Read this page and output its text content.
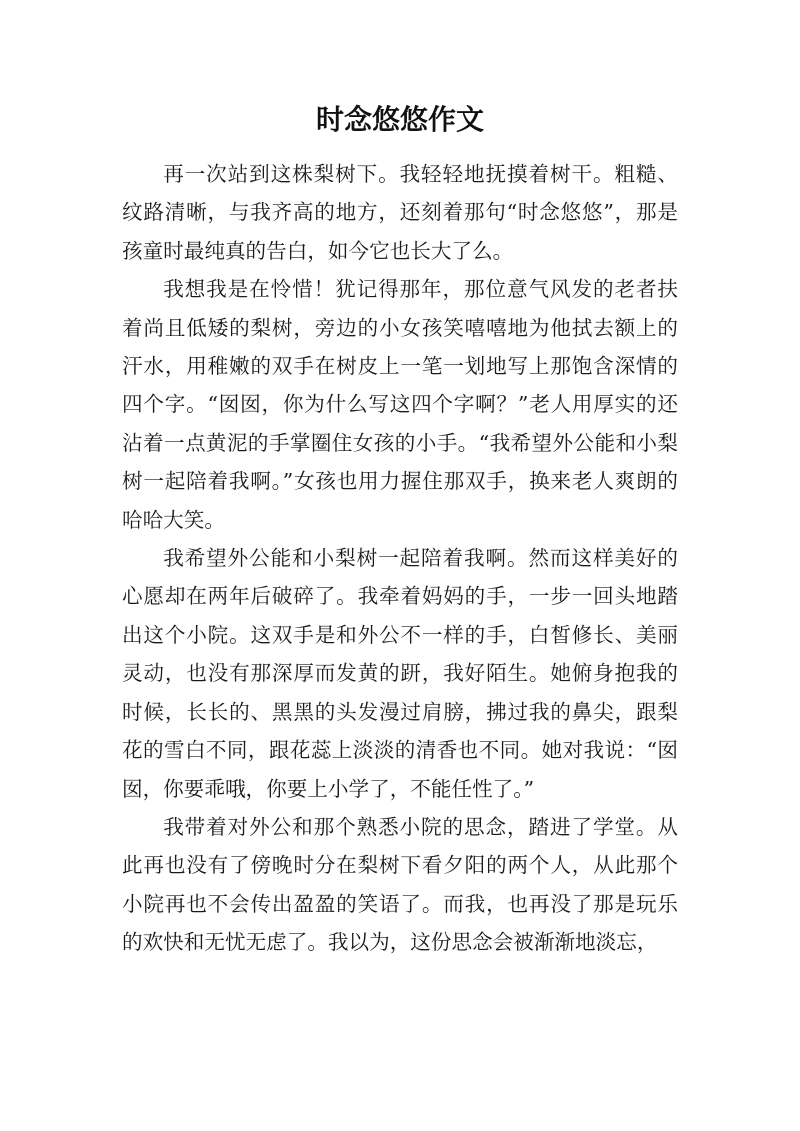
时念悠悠作文

再一次站到这株梨树下。我轻轻地抚摸着树干。粗糙、纹路清晰，与我齐高的地方，还刻着那句“时念悠悠”，那是孩童时最纯真的告白，如今它也长大了么。

我想我是在怜惜！犹记得那年，那位意气风发的老者扶着尚且低矮的梨树，旁边的小女孩笑嘻嘻地为他拭去额上的汗水，用稚嫩的双手在树皮上一笔一划地写上那饱含深情的四个字。“囡囡，你为什么写这四个字啊？”老人用厚实的还沾着一点黄泥的手掌圈住女孩的小手。“我希望外公能和小梨树一起陪着我啊。”女孩也用力握住那双手，换来老人爽朗的哈哈大笑。

我希望外公能和小梨树一起陪着我啊。然而这样美好的心愿却在两年后破碎了。我牵着妈妈的手，一步一回头地踏出这个小院。这双手是和外公不一样的手，白皙修长、美丽灵动，也没有那深厚而发黄的趼，我好陌生。她俯身抱我的时候，长长的、黑黑的头发漫过肩膀，拂过我的鼻尖，跟梨花的雪白不同，跟花蕊上淡淡的清香也不同。她对我说：“囡囡，你要乖哦，你要上小学了，不能任性了。”

我带着对外公和那个熟悉小院的思念，踏进了学堂。从此再也没有了傍晚时分在梨树下看夕阳的两个人，从此那个小院再也不会传出盈盈的笑语了。而我，也再没了那是玩乐的欢快和无忧无虑了。我以为，这份思念会被渐渐地淡忘，
